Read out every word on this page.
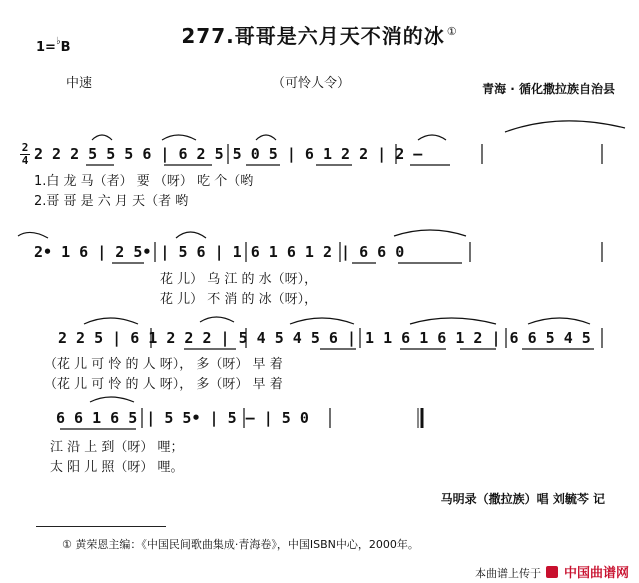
277.哥哥是六月天不消的冰 ①
1=♭B
中速	（可怜人令）	青海 · 循化撒拉族自治县
2
4 2 2 2 5 5 5 6 | 6 2 5 5 0 5 | 6 1 2 2 | 2 —
1.白 龙 马（者） 要 （呀） 吃 个（哟
2.哥 哥 是 六 月 天（者 哟
2• 1 6 | 2 5• | 5 6 | 1 6 1 6 1 2 | 6 6 0
花 儿） 乌 江 的 水（呀），
花 儿） 不 消 的 冰（呀），
2 2 5 | 6 1 2 2 2 | 5 4 5 4 5 6 | 1 1 6 1 6 1 2 | 6 6 5 4 5
（花 儿 可 怜 的 人 呀）， 多（呀） 早 着
（花 儿 可 怜 的 人 呀）， 多（呀） 早 着
6 6 1 6 5 | 5 5• | 5 — | 5 0
江 沿 上 到（呀） 哩；
太 阳 儿 照（呀） 哩。
马明录（撒拉族）唱 刘毓芩 记
① 黄荣恩主编：《中国民间歌曲集成·青海卷》，中国ISBN中心，2000年。
本曲谱上传于 中国曲谱网
